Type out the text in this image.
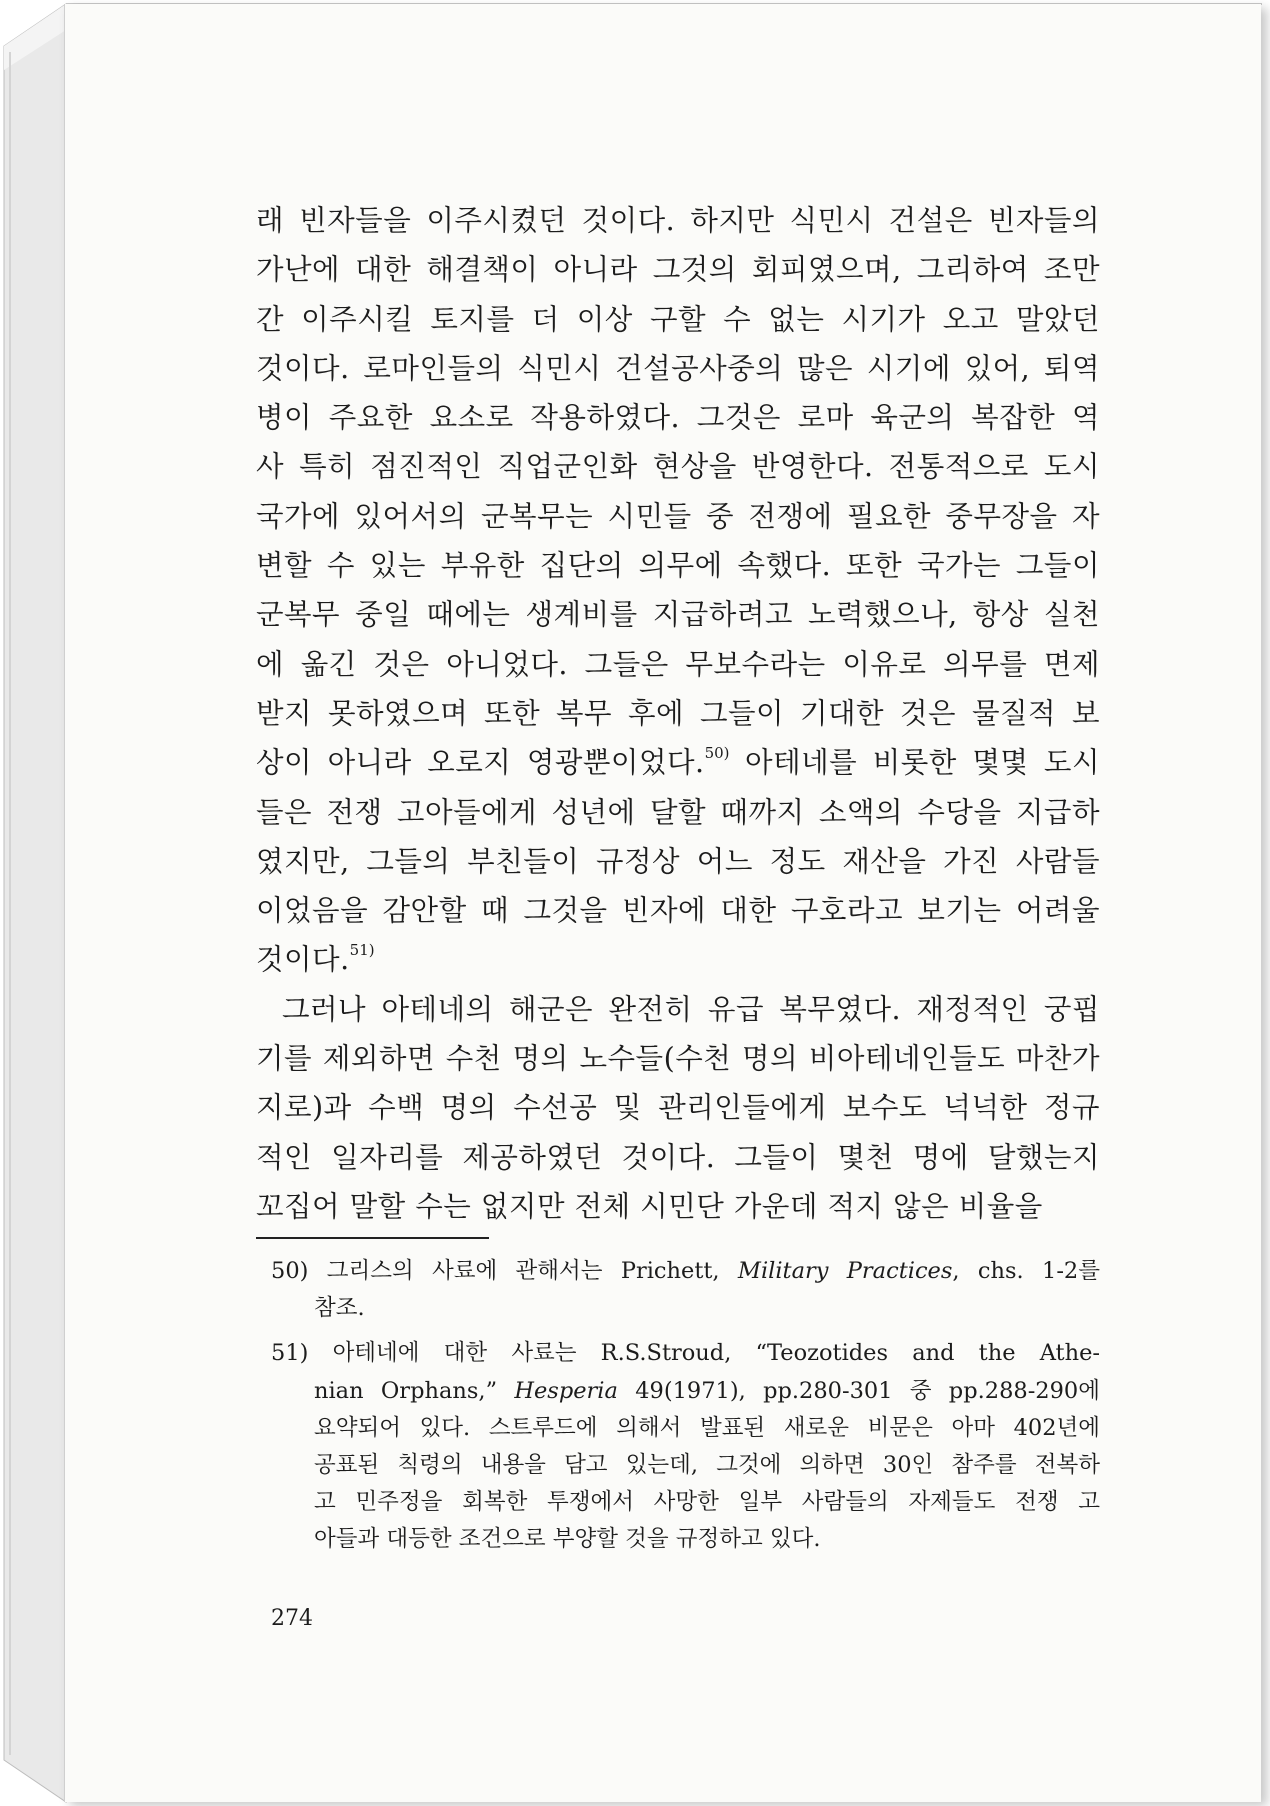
래 빈자들을 이주시켰던 것이다. 하지만 식민시 건설은 빈자들의
가난에 대한 해결책이 아니라 그것의 회피였으며, 그리하여 조만
간 이주시킬 토지를 더 이상 구할 수 없는 시기가 오고 말았던
것이다. 로마인들의 식민시 건설공사중의 많은 시기에 있어, 퇴역
병이 주요한 요소로 작용하였다. 그것은 로마 육군의 복잡한 역
사 특히 점진적인 직업군인화 현상을 반영한다. 전통적으로 도시
국가에 있어서의 군복무는 시민들 중 전쟁에 필요한 중무장을 자
변할 수 있는 부유한 집단의 의무에 속했다. 또한 국가는 그들이
군복무 중일 때에는 생계비를 지급하려고 노력했으나, 항상 실천
에 옮긴 것은 아니었다. 그들은 무보수라는 이유로 의무를 면제
받지 못하였으며 또한 복무 후에 그들이 기대한 것은 물질적 보
상이 아니라 오로지 영광뿐이었다.$^{50)}$ 아테네를 비롯한 몇몇 도시
들은 전쟁 고아들에게 성년에 달할 때까지 소액의 수당을 지급하
였지만, 그들의 부친들이 규정상 어느 정도 재산을 가진 사람들
이었음을 감안할 때 그것을 빈자에 대한 구호라고 보기는 어려울
것이다.$^{51)}$
그러나 아테네의 해군은 완전히 유급 복무였다. 재정적인 궁핍
기를 제외하면 수천 명의 노수들(수천 명의 비아테네인들도 마찬가
지로)과 수백 명의 수선공 및 관리인들에게 보수도 넉넉한 정규
적인 일자리를 제공하였던 것이다. 그들이 몇천 명에 달했는지
꼬집어 말할 수는 없지만 전체 시민단 가운데 적지 않은 비율을
50) 그리스의 사료에 관해서는 Prichett, Military Practices, chs. 1-2를
참조.
51) 아테네에 대한 사료는 R.S.Stroud, “Teozotides and the Athe-
nian Orphans,” Hesperia 49(1971), pp.280-301 중 pp.288-290에
요약되어 있다. 스트루드에 의해서 발표된 새로운 비문은 아마 402년에
공표된 칙령의 내용을 담고 있는데, 그것에 의하면 30인 참주를 전복하
고 민주정을 회복한 투쟁에서 사망한 일부 사람들의 자제들도 전쟁 고
아들과 대등한 조건으로 부양할 것을 규정하고 있다.
274
